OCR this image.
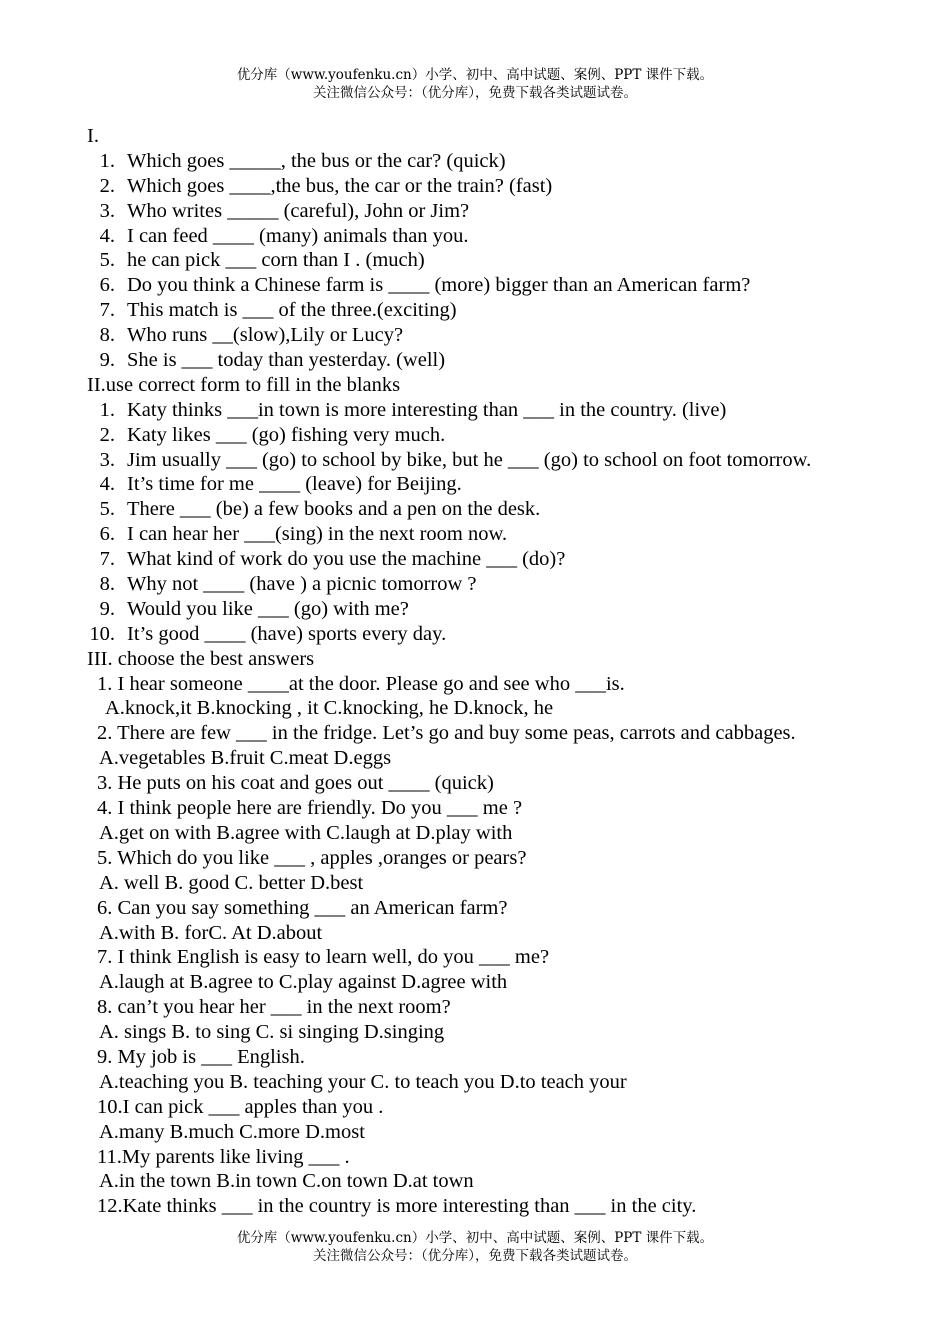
优分库（www.youfenku.cn）小学、初中、高中试题、案例、PPT 课件下载。
关注微信公众号：（优分库），免费下载各类试题试卷。
I.
1. Which goes _____, the bus or the car? (quick)
2. Which goes ____,the bus, the car or the train? (fast)
3. Who writes _____ (careful), John or Jim?
4. I can feed ____ (many) animals than you.
5. he can pick ___ corn than I . (much)
6. Do you think a Chinese farm is ____ (more) bigger than an American farm?
7. This match is ___ of the three.(exciting)
8. Who runs __(slow),Lily or Lucy?
9. She is ___ today than yesterday. (well)
II.use correct form to fill in the blanks
1. Katy thinks ___in town is more interesting than ___ in the country. (live)
2. Katy likes ___ (go) fishing very much.
3. Jim usually ___ (go) to school by bike, but he ___ (go) to school on foot tomorrow.
4. It’s time for me ____ (leave) for Beijing.
5. There ___ (be) a few books and a pen on the desk.
6. I can hear her ___(sing) in the next room now.
7. What kind of work do you use the machine ___ (do)?
8. Why not ____ (have ) a picnic tomorrow ?
9. Would you like ___ (go) with me?
10. It’s good ____ (have) sports every day.
III. choose the best answers
1. I hear someone ____at the door. Please go and see who ___is.
A.knock,it B.knocking , it C.knocking, he D.knock, he
2. There are few ___ in the fridge. Let’s go and buy some peas, carrots and cabbages.
A.vegetables B.fruit C.meat D.eggs
3. He puts on his coat and goes out ____ (quick)
4. I think people here are friendly. Do you ___ me ?
A.get on with B.agree with C.laugh at D.play with
5. Which do you like ___ , apples ,oranges or pears?
A. well B. good C. better D.best
6. Can you say something ___ an American farm?
A.with B. forC. At D.about
7. I think English is easy to learn well, do you ___ me?
A.laugh at B.agree to C.play against D.agree with
8. can’t you hear her ___ in the next room?
A. sings B. to sing C. si singing D.singing
9. My job is ___ English.
A.teaching you B. teaching your C. to teach you D.to teach your
10.I can pick ___ apples than you .
A.many B.much C.more D.most
11.My parents like living ___ .
A.in the town B.in town C.on town D.at town
12.Kate thinks ___ in the country is more interesting than ___ in the city.
优分库（www.youfenku.cn）小学、初中、高中试题、案例、PPT 课件下载。
关注微信公众号：（优分库），免费下载各类试题试卷。
